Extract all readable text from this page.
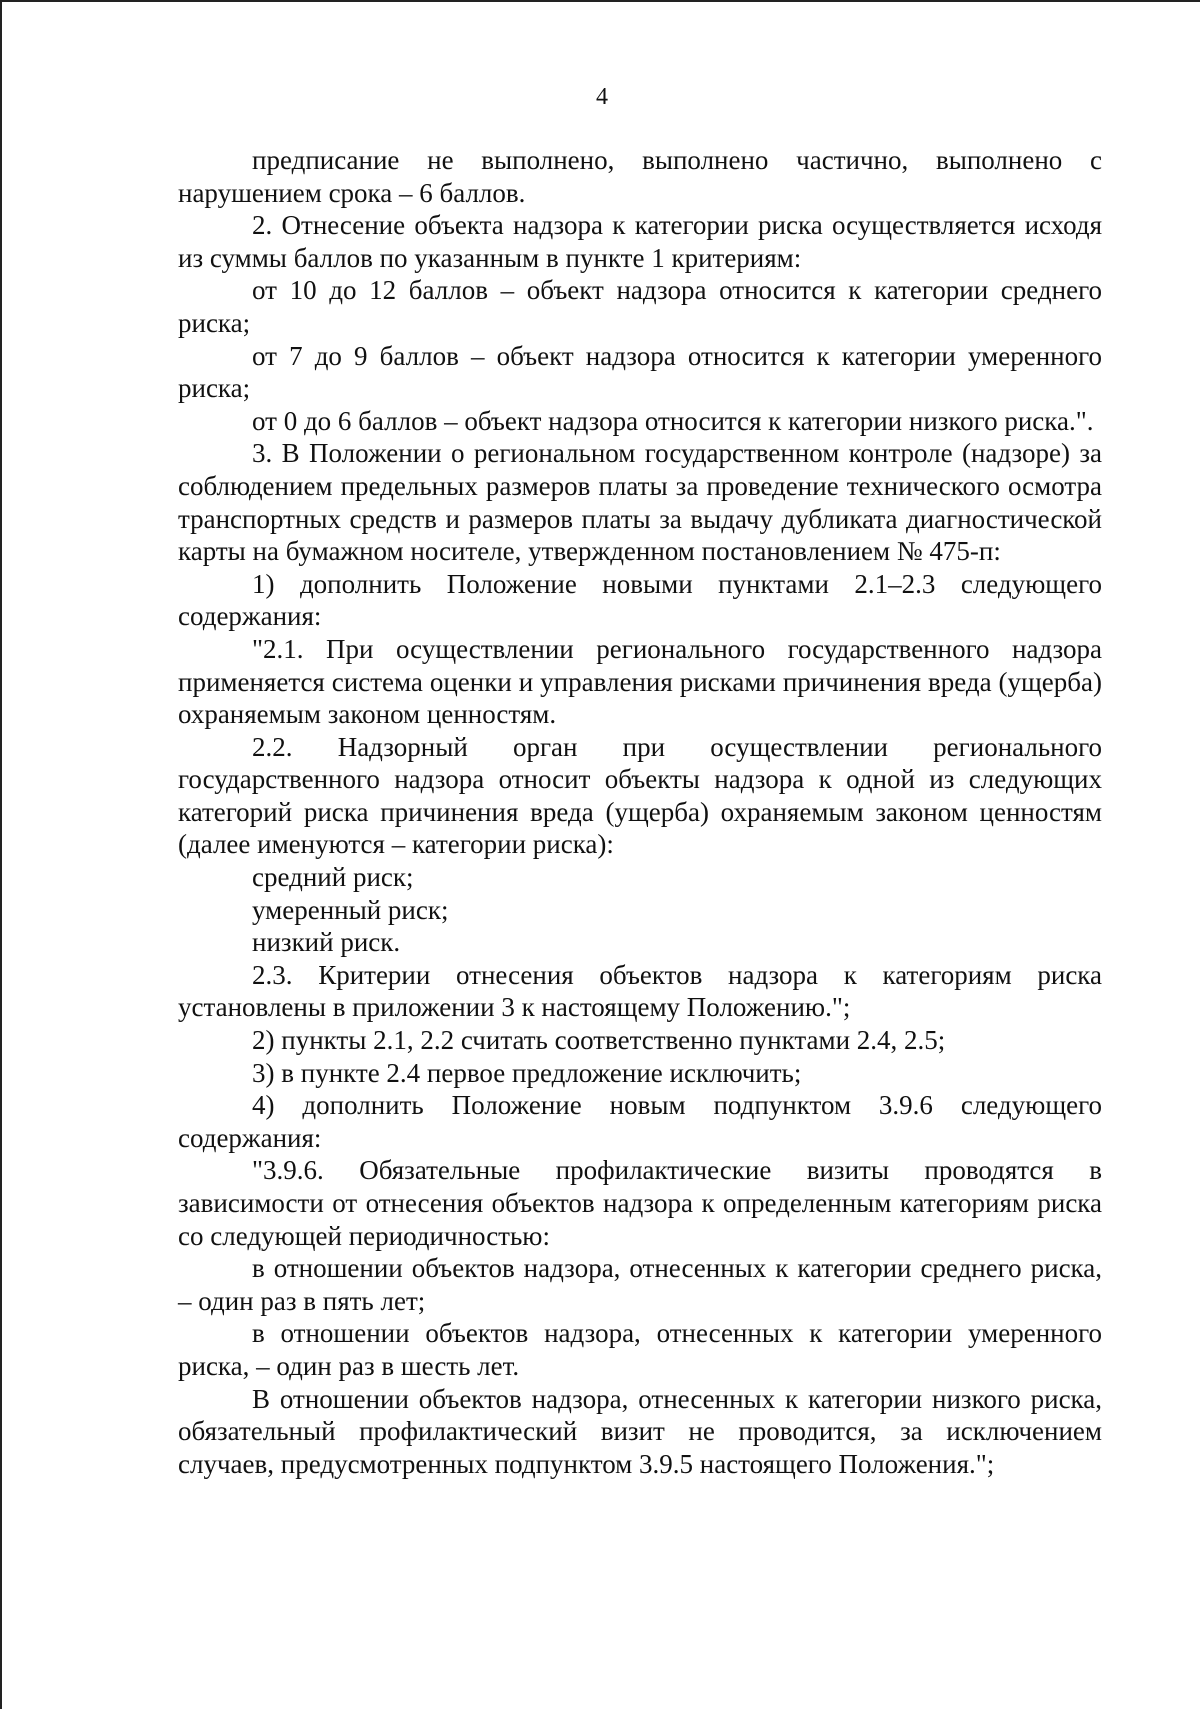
4

предписание не выполнено, выполнено частично, выполнено с нарушением срока – 6 баллов.

2. Отнесение объекта надзора к категории риска осуществляется исходя из суммы баллов по указанным в пункте 1 критериям:

от 10 до 12 баллов – объект надзора относится к категории среднего риска;

от 7 до 9 баллов – объект надзора относится к категории умеренного риска;

от 0 до 6 баллов – объект надзора относится к категории низкого риска.".

3. В Положении о региональном государственном контроле (надзоре) за соблюдением предельных размеров платы за проведение технического осмотра транспортных средств и размеров платы за выдачу дубликата диагностической карты на бумажном носителе, утвержденном постановлением № 475-п:

1) дополнить Положение новыми пунктами 2.1–2.3 следующего содержания:

"2.1. При осуществлении регионального государственного надзора применяется система оценки и управления рисками причинения вреда (ущерба) охраняемым законом ценностям.

2.2. Надзорный орган при осуществлении регионального государственного надзора относит объекты надзора к одной из следующих категорий риска причинения вреда (ущерба) охраняемым законом ценностям (далее именуются – категории риска):

средний риск;

умеренный риск;

низкий риск.

2.3. Критерии отнесения объектов надзора к категориям риска установлены в приложении 3 к настоящему Положению.";

2) пункты 2.1, 2.2 считать соответственно пунктами 2.4, 2.5;

3) в пункте 2.4 первое предложение исключить;

4) дополнить Положение новым подпунктом 3.9.6 следующего содержания:

"3.9.6. Обязательные профилактические визиты проводятся в зависимости от отнесения объектов надзора к определенным категориям риска со следующей периодичностью:

в отношении объектов надзора, отнесенных к категории среднего риска, – один раз в пять лет;

в отношении объектов надзора, отнесенных к категории умеренного риска, – один раз в шесть лет.

В отношении объектов надзора, отнесенных к категории низкого риска, обязательный профилактический визит не проводится, за исключением случаев, предусмотренных подпунктом 3.9.5 настоящего Положения.";
